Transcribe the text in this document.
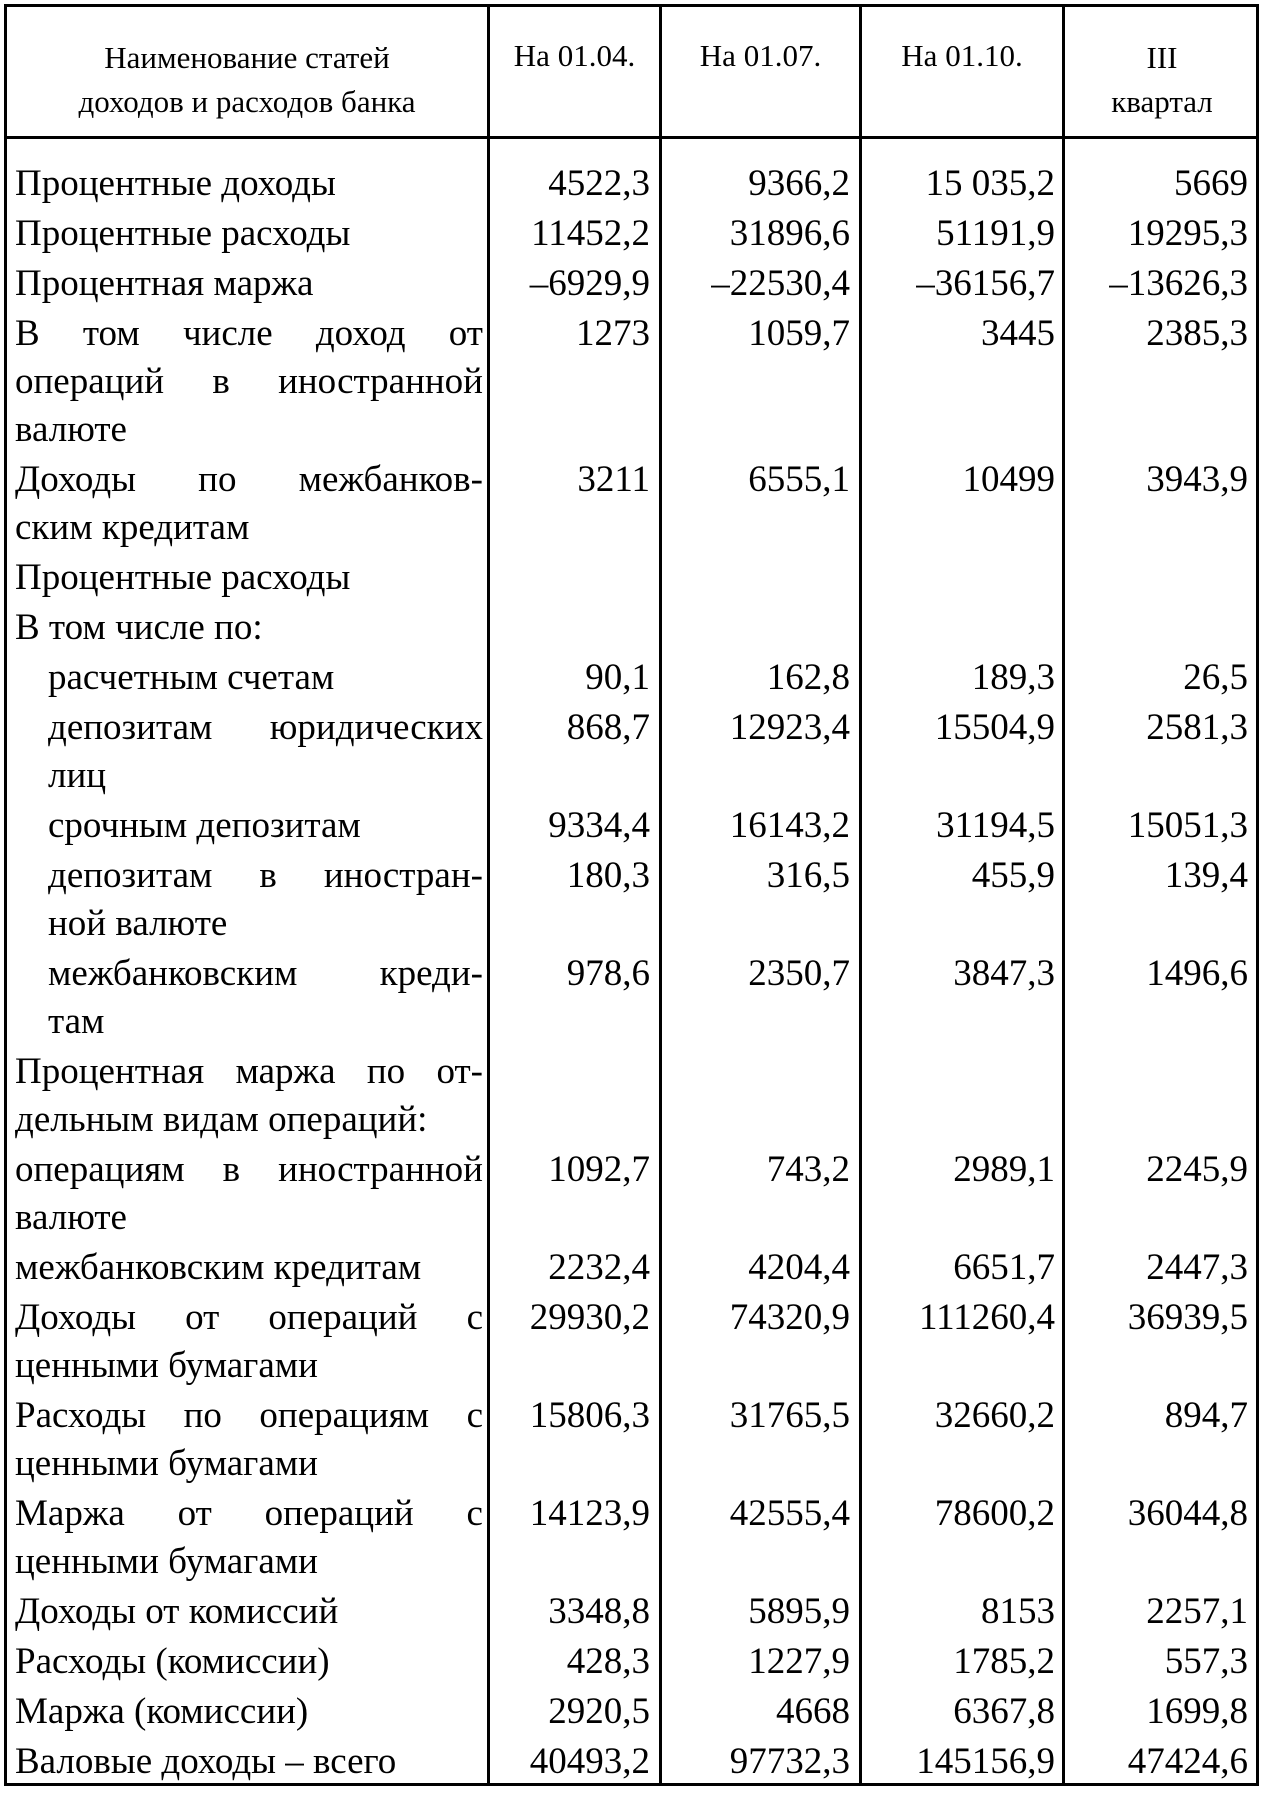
Наименование статей
доходов и расходов банка
На 01.04. На 01.07.	На 01.10.	III
квартал
Процентные доходы	4522,3	9366,2	15 035,2	5669
Процентные расходы	11452,2	31896,6	51191,9	19295,3
Процентная маржа	–6929,9	–22530,4	–36156,7	–13626,3
В том числе доход от
операций в иностранной
валюте
1273	1059,7	3445	2385,3
Доходы по межбанков-
ским кредитам
3211	6555,1	10499	3943,9
Процентные расходы
В том числе по:
расчетным счетам	90,1	162,8	189,3	26,5
депозитам юридических
лиц
868,7	12923,4	15504,9	2581,3
срочным депозитам	9334,4	16143,2	31194,5	15051,3
депозитам в иностран-
ной валюте
180,3	316,5	455,9	139,4
межбанковским креди-
там
978,6	2350,7	3847,3	1496,6
Процентная маржа по от-
дельным видам операций:
операциям в иностранной
валюте
1092,7	743,2	2989,1	2245,9
межбанковским кредитам	2232,4	4204,4	6651,7	2447,3
Доходы от операций с
ценными бумагами
29930,2	74320,9	111260,4	36939,5
Расходы по операциям с
ценными бумагами
15806,3	31765,5	32660,2	894,7
Маржа от операций с
ценными бумагами
14123,9	42555,4	78600,2	36044,8
Доходы от комиссий	3348,8	5895,9	8153	2257,1
Расходы (комиссии)	428,3	1227,9	1785,2	557,3
Маржа (комиссии)	2920,5	4668	6367,8	1699,8
Валовые доходы – всего	40493,2	97732,3	145156,9	47424,6
